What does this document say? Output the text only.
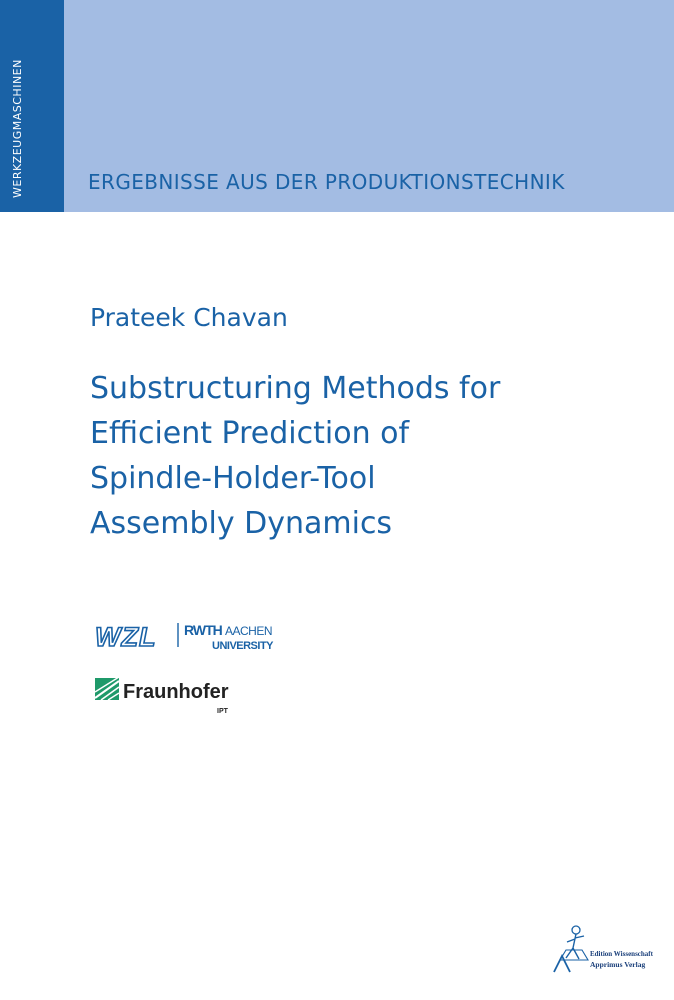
WERKZEUGMASCHINEN	ERGEBNISSE AUS DER PRODUKTIONSTECHNIK
Prateek Chavan
Substructuring Methods for
Efficient Prediction of
Spindle-Holder-Tool
Assembly Dynamics
WZL RWTH AACHEN
UNIVERSITY
Fraunhofer
IPT
Edition Wissenschaft
Apprimus Verlag
